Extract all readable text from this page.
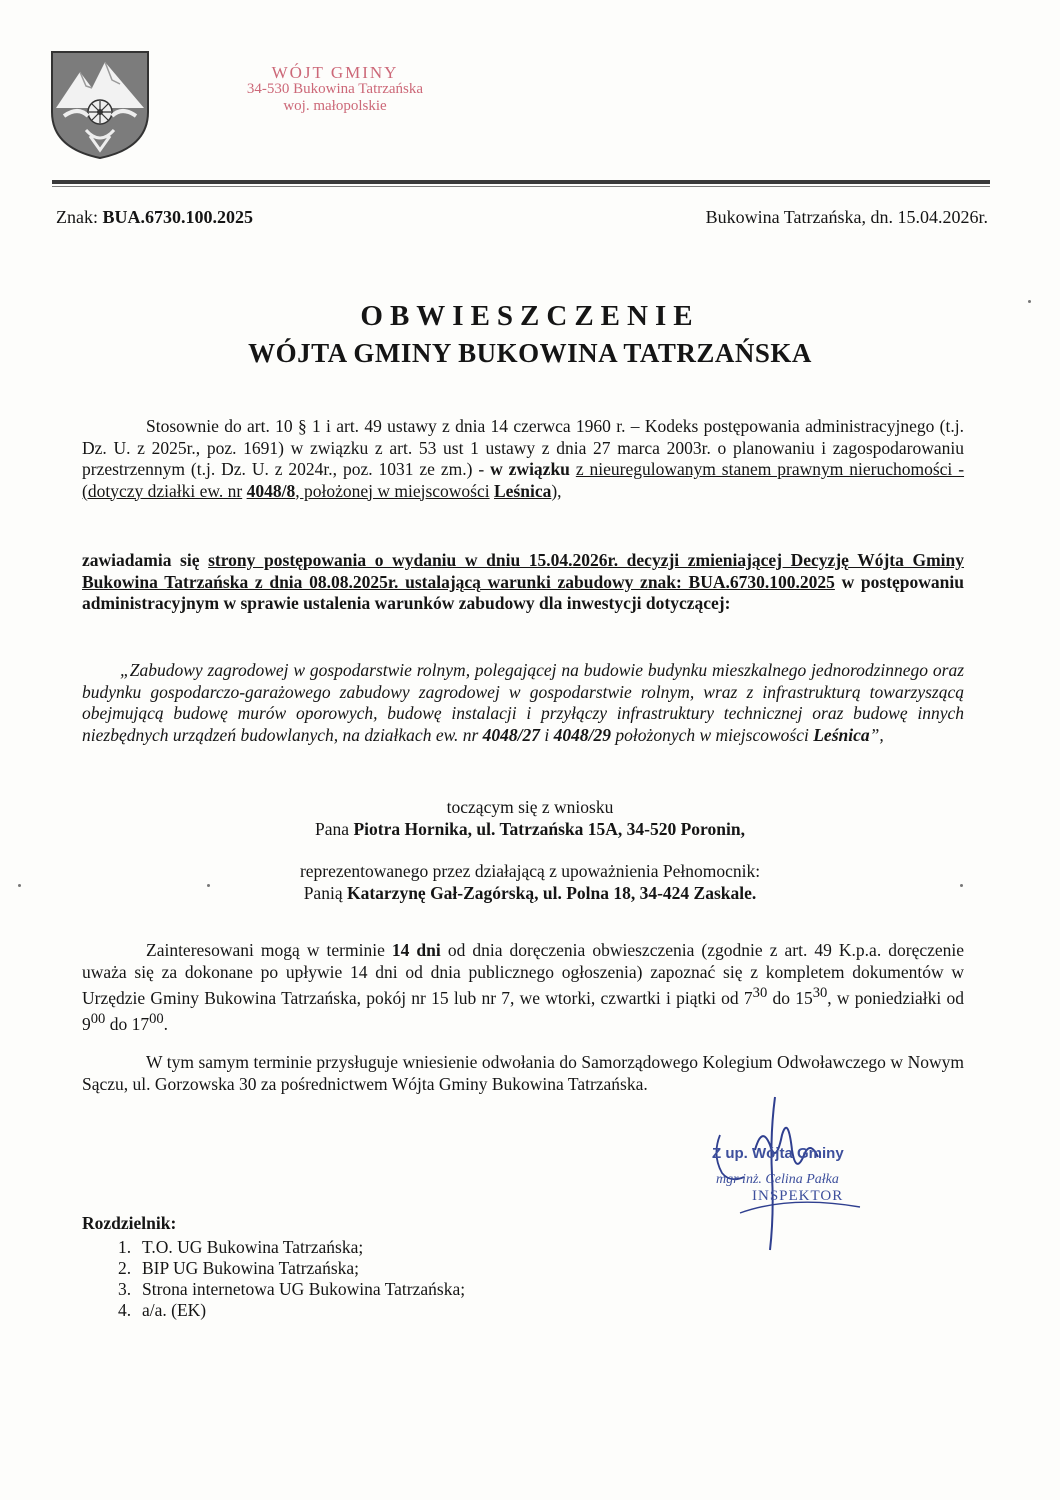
WÓJT GMINY
34-530 Bukowina Tatrzańska
woj. małopolskie
Znak: BUA.6730.100.2025	Bukowina Tatrzańska, dn. 15.04.2026r.
OBWIESZCZENIE
WÓJTA GMINY BUKOWINA TATRZAŃSKA
Stosownie do art. 10 § 1 i art. 49 ustawy z dnia 14 czerwca 1960 r. – Kodeks postępowania administracyjnego (t.j. Dz. U. z 2025r., poz. 1691) w związku z art. 53 ust 1 ustawy z dnia 27 marca 2003r. o planowaniu i zagospodarowaniu przestrzennym (t.j. Dz. U. z 2024r., poz. 1031 ze zm.) - w związku z nieuregulowanym stanem prawnym nieruchomości - (dotyczy działki ew. nr 4048/8, położonej w miejscowości Leśnica),
zawiadamia się strony postępowania o wydaniu w dniu 15.04.2026r. decyzji zmieniającej Decyzję Wójta Gminy Bukowina Tatrzańska z dnia 08.08.2025r. ustalającą warunki zabudowy znak: BUA.6730.100.2025 w postępowaniu administracyjnym w sprawie ustalenia warunków zabudowy dla inwestycji dotyczącej:
„Zabudowy zagrodowej w gospodarstwie rolnym, polegającej na budowie budynku mieszkalnego jednorodzinnego oraz budynku gospodarczo-garażowego zabudowy zagrodowej w gospodarstwie rolnym, wraz z infrastrukturą towarzyszącą obejmującą budowę murów oporowych, budowę instalacji i przyłączy infrastruktury technicznej oraz budowę innych niezbędnych urządzeń budowlanych, na działkach ew. nr 4048/27 i 4048/29 położonych w miejscowości Leśnica”,
toczącym się z wniosku
Pana Piotra Hornika, ul. Tatrzańska 15A, 34-520 Poronin,
reprezentowanego przez działającą z upoważnienia Pełnomocnik:
Panią Katarzynę Gał-Zagórską, ul. Polna 18, 34-424 Zaskale.
Zainteresowani mogą w terminie 14 dni od dnia doręczenia obwieszczenia (zgodnie z art. 49 K.p.a. doręczenie uważa się za dokonane po upływie 14 dni od dnia publicznego ogłoszenia) zapoznać się z kompletem dokumentów w Urzędzie Gminy Bukowina Tatrzańska, pokój nr 15 lub nr 7, we wtorki, czwartki i piątki od $7^{30}$ do $15^{30}$, w poniedziałki od $9^{00}$ do $17^{00}$.
W tym samym terminie przysługuje wniesienie odwołania do Samorządowego Kolegium Odwoławczego w Nowym Sączu, ul. Gorzowska 30 za pośrednictwem Wójta Gminy Bukowina Tatrzańska.
Z up. Wójta Gminy
mgr inż. Celina Pałka
INSPEKTOR
Rozdzielnik:
1. T.O. UG Bukowina Tatrzańska;
2. BIP UG Bukowina Tatrzańska;
3. Strona internetowa UG Bukowina Tatrzańska;
4. a/a. (EK)
